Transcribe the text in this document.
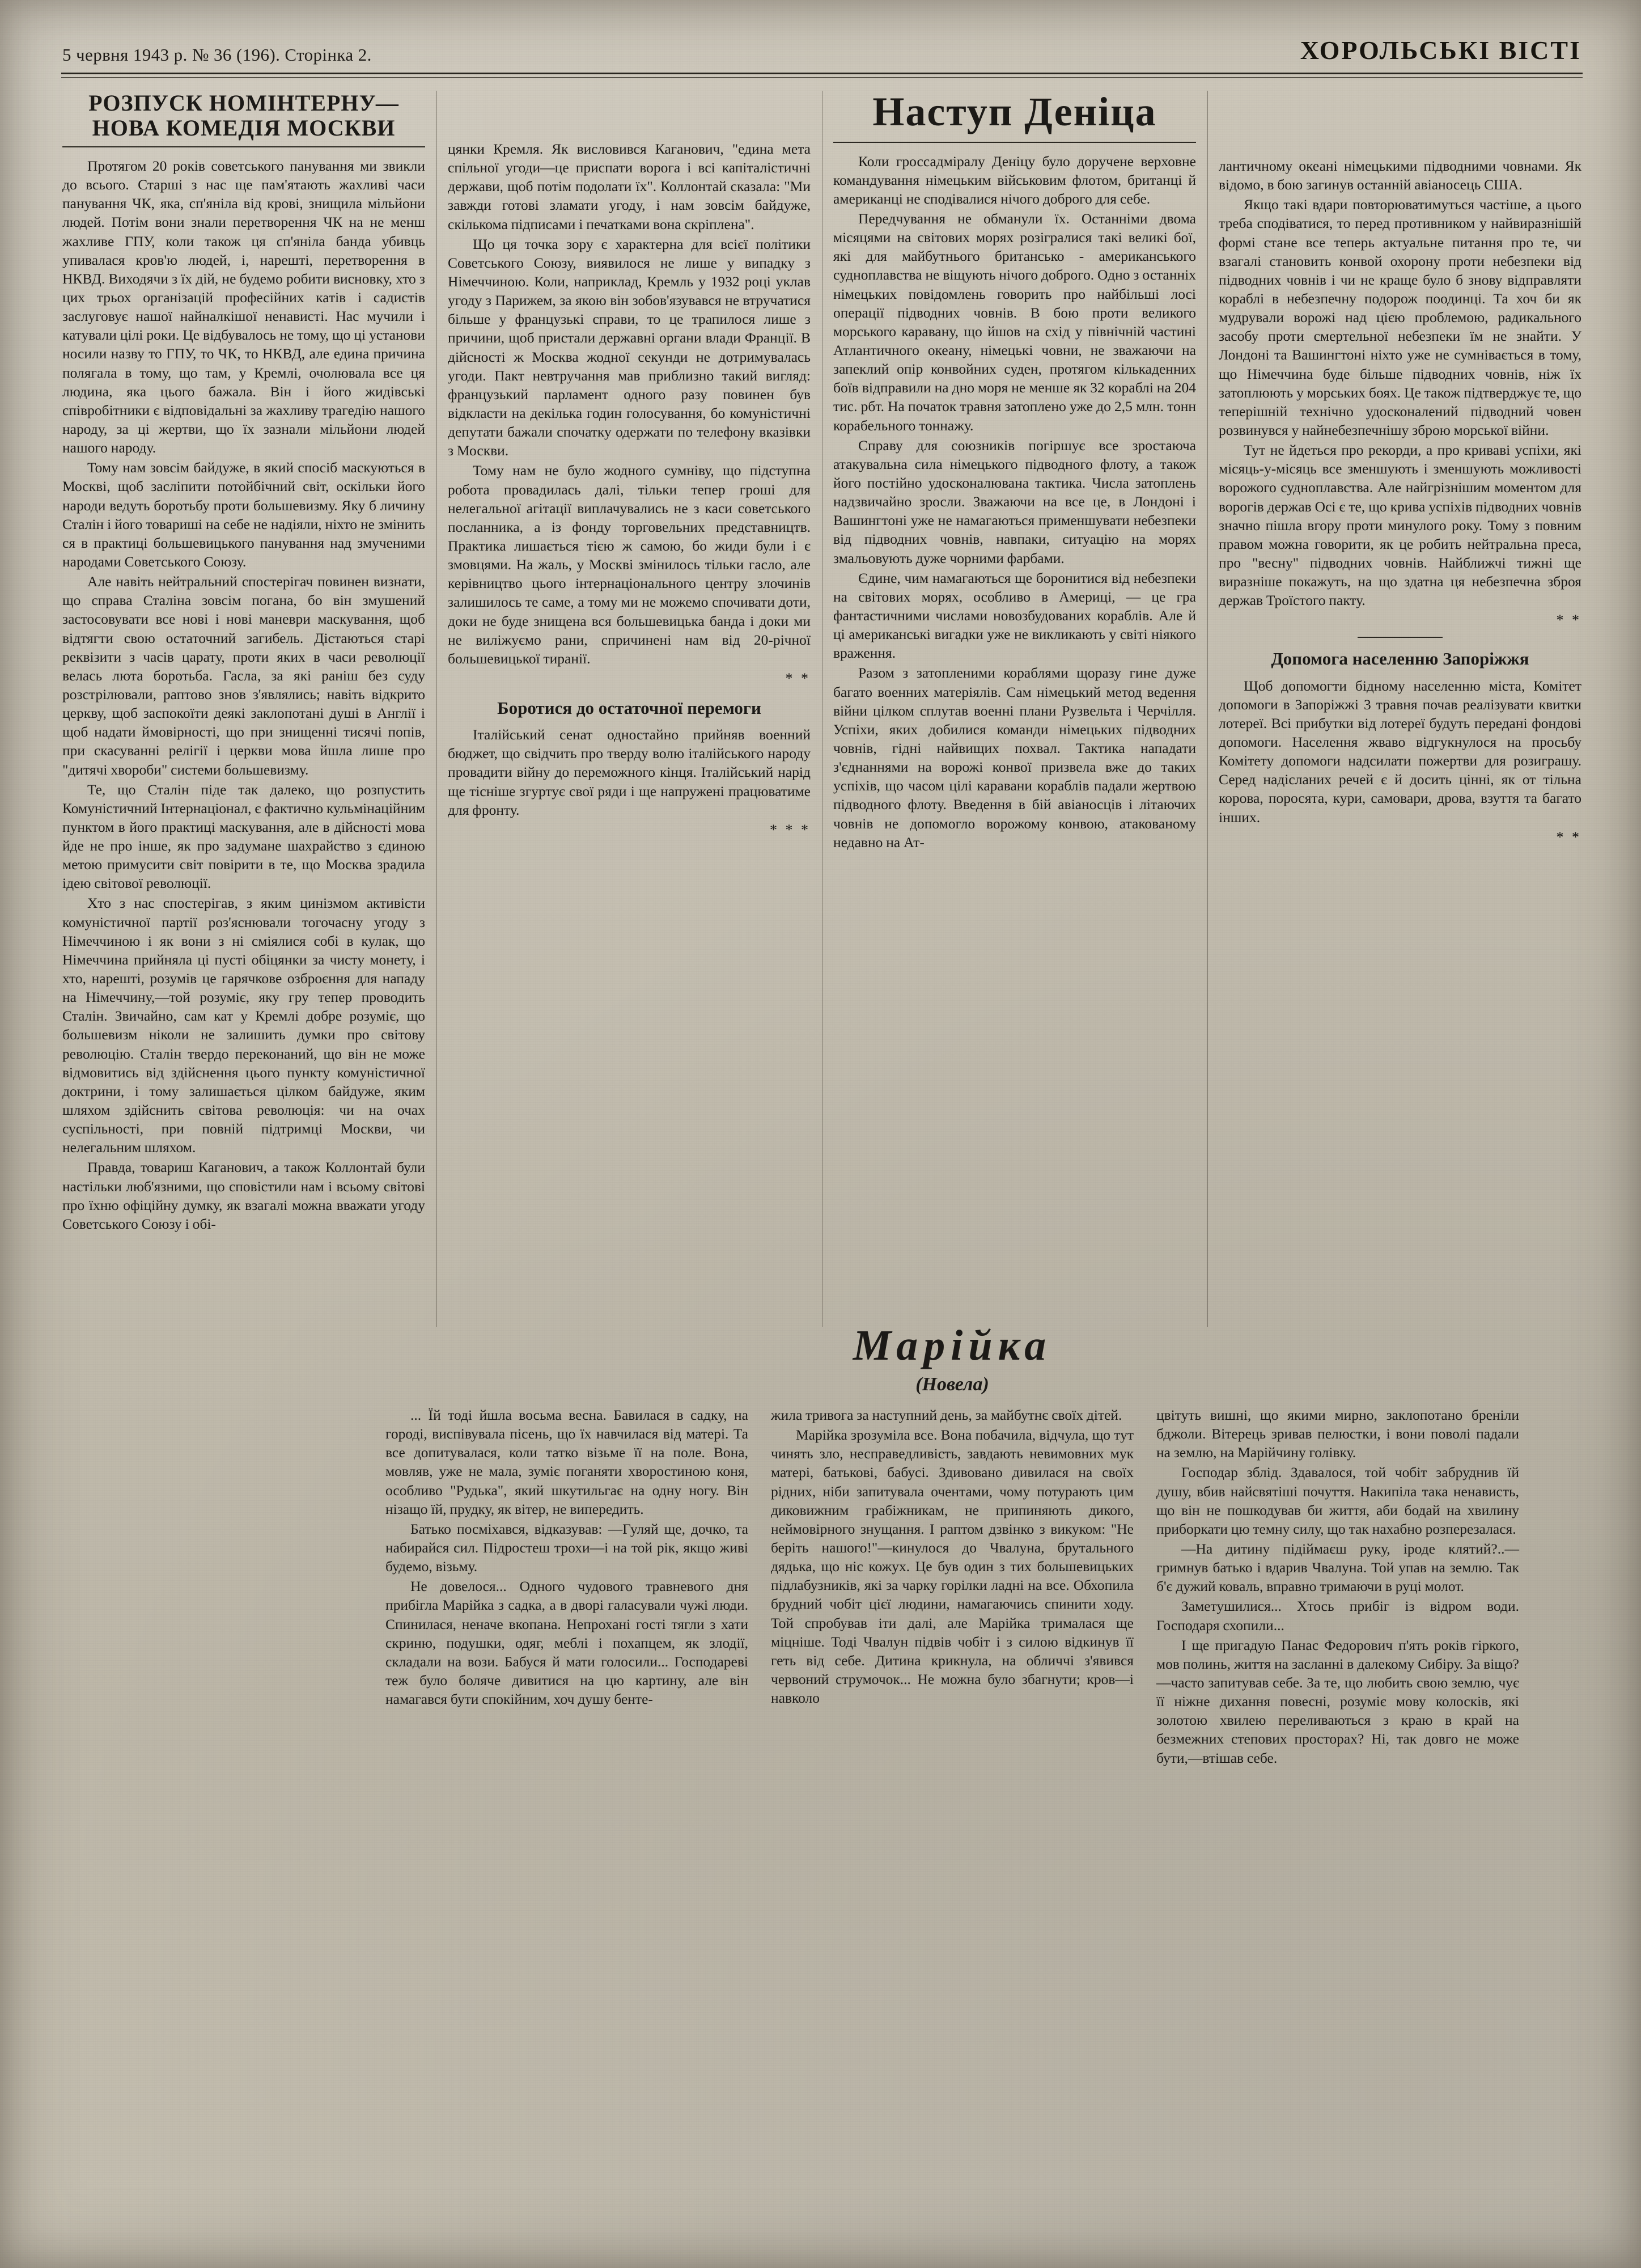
5 червня 1943 р. № 36 (196). Сторінка 2.	ХОРОЛЬСЬКІ ВІСТІ
РОЗПУСК НОМІНТЕРНУ—НОВА КОМЕДІЯ МОСКВИ

Протягом 20 років советського панування ми звикли до всього. Старші з нас ще пам'ятають жахливі часи панування ЧК, яка, сп'яніла від крові, знищила мільйони людей. Потім вони знали перетворення ЧК на не менш жахливе ГПУ, коли також ця сп'яніла банда убивць упивалася кров'ю людей, і, нарешті, перетворення в НКВД. Виходячи з їх дій, не будемо робити висновку, хто з цих трьох організацій професійних катів і садистів заслуговує нашої найналкішої ненависті. Нас мучили і катували цілі роки. Це відбувалось не тому, що ці установи носили назву то ГПУ, то ЧК, то НКВД, але едина причина полягала в тому, що там, у Кремлі, очолювала все ця людина, яка цього бажала. Він і його жидівські співробітники є відповідальні за жахливу трагедію нашого народу, за ці жертви, що їх зазнали мільйони людей нашого народу.

Тому нам зовсім байдуже, в який спосіб маскуються в Москві, щоб засліпити потойбічний світ, оскільки його народи ведуть боротьбу проти большевизму. Яку б личину Сталін і його товариші на себе не надіяли, ніхто не змінить ся в практиці большевицького панування над змученими народами Советського Союзу.

Але навіть нейтральний спостерігач повинен визнати, що справа Сталіна зовсім погана, бо він змушений застосовувати все нові і нові маневри маскування, щоб відтягти свою остаточний загибель. Дістаються старі реквізити з часів царату, проти яких в часи революції велась люта боротьба. Гасла, за які раніш без суду розстрілювали, раптово знов з'являлись; навіть відкрито церкву, щоб заспокоїти деякі заклопотані душі в Англії і щоб надати ймовірності, що при знищенні тисячі попів, при скасуванні релігії і церкви мова йшла лише про "дитячі хвороби" системи большевизму.

Те, що Сталін піде так далеко, що розпустить Комуністичний Інтернаціонал, є фактично кульмінаційним пунктом в його практиці маскування, але в дійсності мова йде не про інше, як про задумане шахрайство з єдиною метою примусити світ повірити в те, що Москва зрадила ідею світової революції.

Хто з нас спостерігав, з яким цинізмом активісти комуністичної партії роз'яснювали тогочасну угоду з Німеччиною і як вони з ні сміялися собі в кулак, що Німеччина прийняла ці пусті обіцянки за чисту монету, і хто, нарешті, розумів це гарячкове озброєння для нападу на Німеччину,—той розуміє, яку гру тепер проводить Сталін. Звичайно, сам кат у Кремлі добре розуміє, що большевизм ніколи не залишить думки про світову революцію. Сталін твердо переконаний, що він не може відмовитись від здійснення цього пункту комуністичної доктрини, і тому залишається цілком байдуже, яким шляхом здійснить світова революція: чи на очах суспільності, при повній підтримці Москви, чи нелегальним шляхом.

Правда, товариш Каганович, а також Коллонтай були настільки люб'язними, що сповістили нам і всьому світові про їхню офіційну думку, як взагалі можна вважати угоду Советського Союзу і обі-

цянки Кремля. Як висловився Каганович, "едина мета спільної угоди—це приспати ворога і всі капіталістичні держави, щоб потім подолати їх". Коллонтай сказала: "Ми завжди готові зламати угоду, і нам зовсім байдуже, скількома підписами і печатками вона скріплена".

Що ця точка зору є характерна для всієї політики Советського Союзу, виявилося не лише у випадку з Німеччиною. Коли, наприклад, Кремль у 1932 році уклав угоду з Парижем, за якою він зобов'язувався не втручатися більше у французькі справи, то це трапилося лише з причини, щоб пристали державні органи влади Франції. В дійсності ж Москва жодної секунди не дотримувалась угоди. Пакт невтручання мав приблизно такий вигляд: французький парламент одного разу повинен був відкласти на декілька годин голосування, бо комуністичні депутати бажали спочатку одержати по телефону вказівки з Москви.

Тому нам не було жодного сумніву, що підступна робота провадилась далі, тільки тепер гроші для нелегальної агітації виплачувались не з каси советського посланника, а із фонду торговельних представництв. Практика лишається тією ж самою, бо жиди були і є змовцями. На жаль, у Москві змінилось тільки гасло, але керівництво цього інтернаціонального центру злочинів залишилось те саме, а тому ми не можемо спочивати доти, доки не буде знищена вся большевицька банда і доки ми не виліжуємо рани, спричинені нам від 20-річної большевицької тиранії.

* *
Боротися до остаточної перемоги

Італійський сенат одностайно прийняв военний бюджет, що свідчить про тверду волю італійського народу провадити війну до переможного кінця. Італійський нарід ще тісніше згуртує свої ряди і ще напружені працюватиме для фронту.

* * *
Наступ Деніца

Коли гроссадміралу Деніцу було доручене верховне командування німецьким військовим флотом, британці й американці не сподівалися нічого доброго для себе.

Передчування не обманули їх. Останніми двома місяцями на світових морях розігралися такі великі бої, які для майбутнього британсько - американського судноплавства не віщують нічого доброго. Одно з останніх німецьких повідомлень говорить про найбільші лосі операції підводних човнів. В бою проти великого морського каравану, що йшов на схід у північній частині Атлантичного океану, німецькі човни, не зважаючи на запеклий опір конвойних суден, протягом кількаденних боїв відправили на дно моря не менше як 32 кораблі на 204 тис. рбт. На початок травня затоплено уже до 2,5 млн. тонн корабельного тоннажу.

Справу для союзників погіршує все зростаюча атакувальна сила німецького підводного флоту, а також його постійно удосконалювана тактика. Числа затоплень надзвичайно зросли. Зважаючи на все це, в Лондоні і Вашингтоні уже не намагаються применшувати небезпеки від підводних човнів, навпаки, ситуацію на морях змальовують дуже чорними фарбами.

Єдине, чим намагаються ще боронитися від небезпеки на світових морях, особливо в Америці, — це гра фантастичними числами новозбудованих кораблів. Але й ці американські вигадки уже не викликають у світі ніякого враження.

Разом з затопленими кораблями щоразу гине дуже багато военних матеріялів. Сам німецький метод ведення війни цілком сплутав военні плани Рузвельта і Черчілля. Успіхи, яких добилися команди німецьких підводних човнів, гідні найвищих похвал. Тактика нападати з'єднаннями на ворожі конвої призвела вже до таких успіхів, що часом цілі каравани кораблів падали жертвою підводного флоту. Введення в бій авіаносців і літаючих човнів не допомогло ворожому конвою, атакованому недавно на Ат-

лантичному океані німецькими підводними човнами. Як відомо, в бою загинув останній авіаносець США.

Якщо такі вдари повторюватимуться частіше, а цього треба сподіватися, то перед противником у найвиразнішій формі стане все теперь актуальне питання про те, чи взагалі становить конвой охорону проти небезпеки від підводних човнів і чи не краще було б знову відправляти кораблі в небезпечну подорож поодинці. Та хоч би як мудрували ворожі над цією проблемою, радикального засобу проти смертельної небезпеки їм не знайти. У Лондоні та Вашингтоні ніхто уже не сумнівається в тому, що Німеччина буде більше підводних човнів, ніж їх затоплюють у морських боях. Це також підтверджує те, що теперішній технічно удосконалений підводний човен розвинувся у найнебезпечнішу зброю морської війни.

Тут не йдеться про рекорди, а про криваві успіхи, які місяць-у-місяць все зменшують і зменшують можливості ворожого судноплавства. Але найгрізнішим моментом для ворогів держав Осі є те, що крива успіхів підводних човнів значно пішла вгору проти минулого року. Тому з повним правом можна говорити, як це робить нейтральна преса, про "весну" підводних човнів. Найближчі тижні ще виразніше покажуть, на що здатна ця небезпечна зброя держав Троїстого пакту.

* *
Допомога населенню Запоріжжя

Щоб допомогти бідному населенню міста, Комітет допомоги в Запоріжжі 3 травня почав реалізувати квитки лотереї. Всі прибутки від лотереї будуть передані фондові допомоги. Населення жваво відгукнулося на просьбу Комітету допомоги надсилати пожертви для розиграшу. Серед надісланих речей є й досить цінні, як от тільна корова, поросята, кури, самовари, дрова, взуття та багато інших.

* *
Марійка
(Новела)

... Їй тоді йшла восьма весна. Бавилася в садку, на городі, виспівувала пісень, що їх навчилася від матері. Та все допитувалася, коли татко візьме її на поле. Вона, мовляв, уже не мала, зуміє поганяти хворостиною коня, особливо "Рудька", який шкутильгає на одну ногу. Він нізащо їй, прудку, як вітер, не випередить.

Батько посміхався, відказував: —Гуляй ще, дочко, та набирайся сил. Підростеш трохи—і на той рік, якщо живі будемо, візьму.

Не довелося... Одного чудового травневого дня прибігла Марійка з садка, а в дворі галасували чужі люди. Спинилася, неначе вкопана. Непрохані гості тягли з хати скриню, подушки, одяг, меблі і похапцем, як злодії, складали на вози. Бабуся й мати голосили... Господареві теж було боляче дивитися на цю картину, але він намагався бути спокійним, хоч душу бенте-

жила тривога за наступний день, за майбутнє своїх дітей.

Марійка зрозуміла все. Вона побачила, відчула, що тут чинять зло, несправедливість, завдають невимовних мук матері, батькові, бабусі. Здивовано дивилася на своїх рідних, ніби запитувала очентами, чому потурають цим диковижним грабіжникам, не припиняють дикого, неймовірного знущання. І раптом дзвінко з викуком: "Не беріть нашого!"—кинулося до Чвалуна, брутального дядька, що ніс кожух. Це був один з тих большевицьких підлабузників, які за чарку горілки ладні на все. Обхопила брудний чобіт цієї людини, намагаючись спинити ходу. Той спробував іти далі, але Марійка трималася ще міцніше. Тоді Чвалун підвів чобіт і з силою відкинув її геть від себе. Дитина крикнула, на обличчі з'явився червоний струмочок... Не можна було збагнути; кров—і навколо

цвітуть вишні, що якими мирно, заклопотано бреніли бджоли. Вітерець зривав пелюстки, і вони поволі падали на землю, на Марійчину голівку.

Господар зблід. Здавалося, той чобіт забруднив їй душу, вбив найсвятіші почуття. Накипіла така ненависть, що він не пошкодував би життя, аби бодай на хвилину приборкати цю темну силу, що так нахабно розперезалася.

—На дитину підіймаєш руку, іроде клятий?..—гримнув батько і вдарив Чвалуна. Той упав на землю. Так б'є дужий коваль, вправно тримаючи в руці молот.

Заметушилися... Хтось прибіг із відром води. Господаря схопили...

І ще пригадую Панас Федорович п'ять років гіркого, мов полинь, життя на засланні в далекому Сибіру. За віщо?—часто запитував себе. За те, що любить свою землю, чує її ніжне дихання повесні, розуміє мову колосків, які золотою хвилею переливаються з краю в край на безмежних степових просторах? Ні, так довго не може бути,—втішав себе.
